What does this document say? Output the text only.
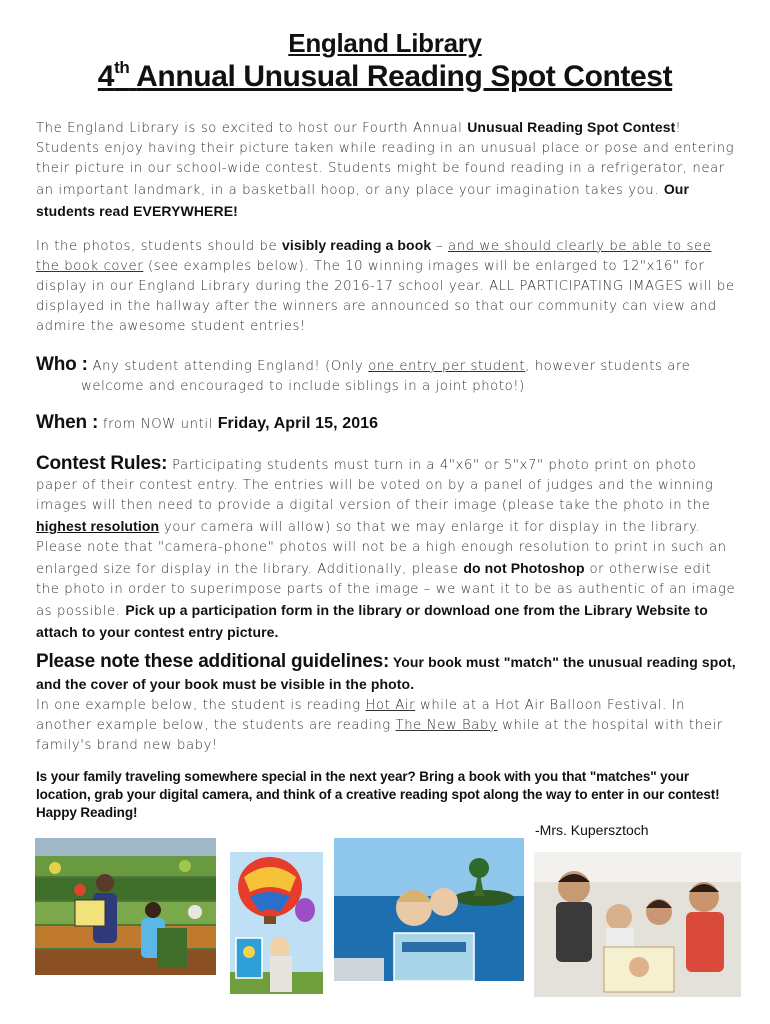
England Library
4th Annual Unusual Reading Spot Contest
The England Library is so excited to host our Fourth Annual Unusual Reading Spot Contest! Students enjoy having their picture taken while reading in an unusual place or pose and entering their picture in our school-wide contest. Students might be found reading in a refrigerator, near an important landmark, in a basketball hoop, or any place your imagination takes you. Our students read EVERYWHERE!
In the photos, students should be visibly reading a book – and we should clearly be able to see the book cover (see examples below). The 10 winning images will be enlarged to 12"x16" for display in our England Library during the 2016-17 school year. ALL PARTICIPATING IMAGES will be displayed in the hallway after the winners are announced so that our community can view and admire the awesome student entries!
Who : Any student attending England! (Only one entry per student, however students are
welcome and encouraged to include siblings in a joint photo!)
When : from NOW until Friday, April 15, 2016
Contest Rules: Participating students must turn in a 4"x6" or 5"x7" photo print on photo paper of their contest entry. The entries will be voted on by a panel of judges and the winning images will then need to provide a digital version of their image (please take the photo in the highest resolution your camera will allow) so that we may enlarge it for display in the library. Please note that "camera-phone" photos will not be a high enough resolution to print in such an enlarged size for display in the library. Additionally, please do not Photoshop or otherwise edit the photo in order to superimpose parts of the image – we want it to be as authentic of an image as possible. Pick up a participation form in the library or download one from the Library Website to attach to your contest entry picture.
Please note these additional guidelines: Your book must "match" the unusual reading spot, and the cover of your book must be visible in the photo.
In one example below, the student is reading Hot Air while at a Hot Air Balloon Festival. In another example below, the students are reading The New Baby while at the hospital with their family's brand new baby!
Is your family traveling somewhere special in the next year? Bring a book with you that "matches" your location, grab your digital camera, and think of a creative reading spot along the way to enter in our contest! Happy Reading!
-Mrs. Kupersztoch
